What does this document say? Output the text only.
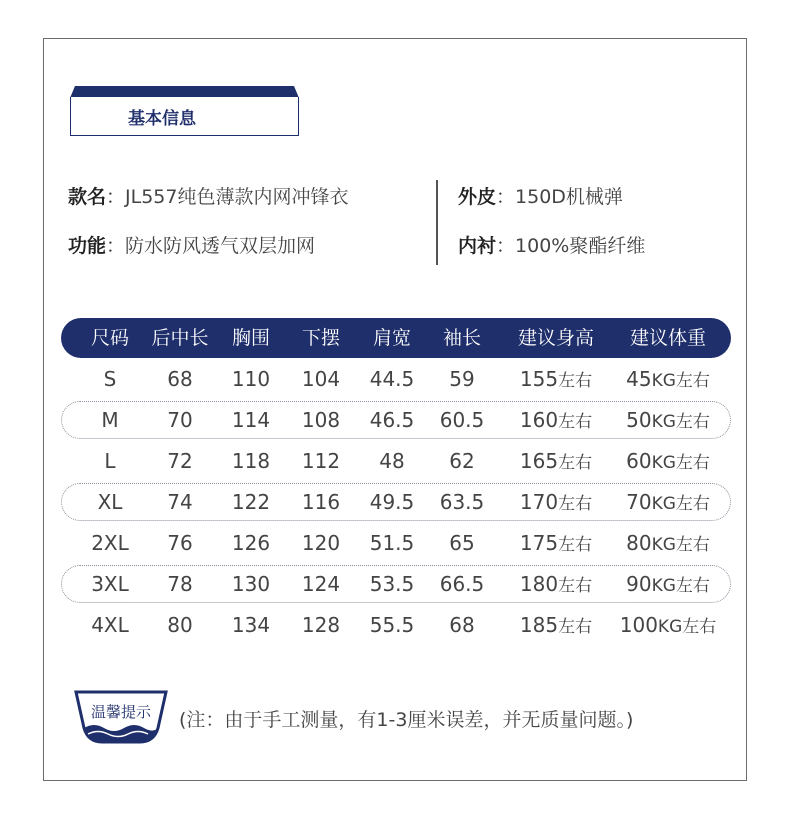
基本信息
款名：JL557纯色薄款内网冲锋衣
功能：防水防风透气双层加网
外皮：150D机械弹
内衬：100%聚酯纤维
尺码 后中长 胸围 下摆 肩宽 袖长 建议身高 建议体重
S	68 110 104 44.5 59 155左右 45KG左右
M 70 114 108 46.5 60.5 160左右 50KG左右
L	72 118 112 48 62 165左右 60KG左右
XL 74 122 116 49.5 63.5 170左右 70KG左右
2XL 76 126 120 51.5 65 175左右 80KG左右
3XL 78 130 124 53.5 66.5 180左右 90KG左右
4XL 80 134 128 55.5 68 185左右 100KG左右
温馨提示	(注：由于手工测量，有1-3厘米误差，并无质量问题。)
